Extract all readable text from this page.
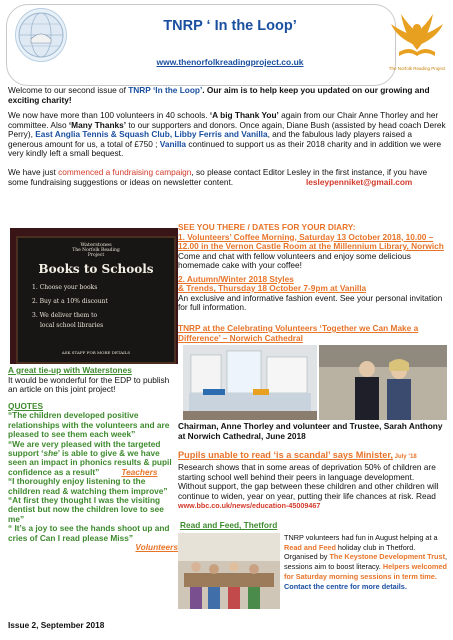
TNRP ‘ In the Loop’
www.thenorfolkreadingproject.co.uk
The Norfolk Reading Project
Welcome to our second issue of TNRP ‘In the Loop’. Our aim is to help keep you updated on our growing and exciting charity!
We now have more than 100 volunteers in 40 schools. ‘A big Thank You’ again from our Chair Anne Thorley and her committee. Also ‘Many Thanks’ to our supporters and donors. Once again, Diane Bush (assisted by head coach Derek Perry), East Anglia Tennis & Squash Club, Libby Ferris and Vanilla, and the fabulous lady players raised a generous amount for us, a total of £750 ; Vanilla continued to support us as their 2018 charity and in addition we were very kindly left a small bequest.
We have just commenced a fundraising campaign, so please contact Editor Lesley in the first instance, if you have some fundraising suggestions or ideas on newsletter content.	lesleypenniket@gmail.com
Waterstones
The Norfolk Reading
Project
Books to Schools
1. Choose your books
2. Buy at a 10% discount
3. We deliver them to
local school libraries
ASK STAFF FOR MORE DETAILS
A great tie-up with Waterstones
It would be wonderful for the EDP to publish an article on this joint project!
QUOTES
“The children developed positive relationships with the volunteers and are pleased to see them each week”
“We are very pleased with the targeted support ‘she’ is able to give & we have seen an impact in phonics results & pupil confidence as a result”	Teachers
“I thoroughly enjoy listening to the children read & watching them improve”
“At first they thought I was the visiting dentist but now the children love to see me”
“ It’s a joy to see the hands shoot up and cries of Can I read please Miss”
Volunteers
SEE YOU THERE / DATES FOR YOUR DIARY:
1. Volunteers’ Coffee Morning, Saturday 13 October 2018, 10.00 – 12.00 in the Vernon Castle Room at the Millennium Library, Norwich Come and chat with fellow volunteers and enjoy some delicious homemade cake with your coffee!
2. Autumn/Winter 2018 Styles
& Trends, Thursday 18 October 7-9pm at Vanilla
An exclusive and informative fashion event. See your personal invitation for full information.
TNRP at the Celebrating Volunteers ‘Together we Can Make a Difference’ – Norwich Cathedral
Chairman, Anne Thorley and volunteer and Trustee, Sarah Anthony at Norwich Cathedral, June 2018
Pupils unable to read ‘is a scandal’ says Minister, July ’18
Research shows that in some areas of deprivation 50% of children are starting school well behind their peers in language development.
Without support, the gap between these children and other children will continue to widen, year on year, putting their life chances at risk. Read www.bbc.co.uk/news/education-45009467
Read and Feed, Thetford
TNRP volunteers had fun in August helping at a Read and Feed holiday club in Thetford. Organised by The Keystone Development Trust, sessions aim to boost literacy. Helpers welcomed for Saturday morning sessions in term time. Contact the centre for more details.
Issue 2, September 2018
